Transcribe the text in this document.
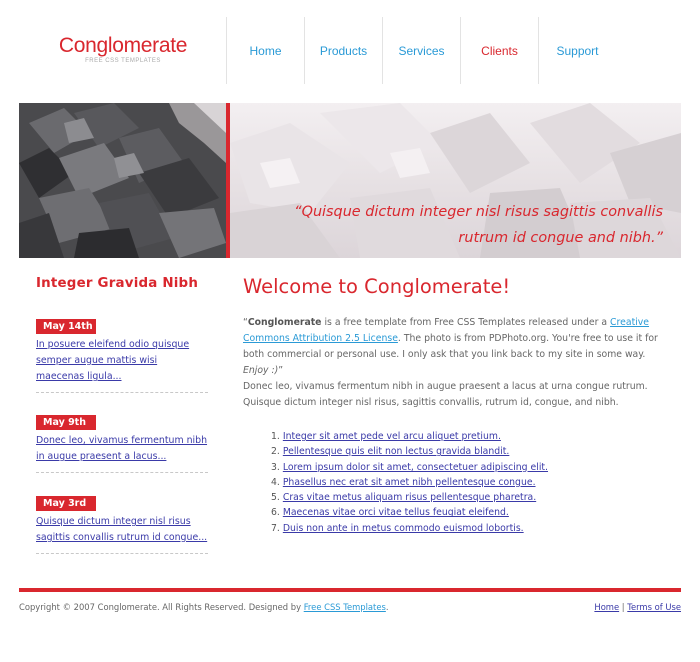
Conglomerate
FREE CSS TEMPLATES
Home	Products	Services	Clients	Support
“Quisque dictum integer nisl risus sagittis convallis rutrum id congue and nibh.”
Integer Gravida Nibh
May 14th
In posuere eleifend odio quisque semper augue mattis wisi maecenas ligula...
May 9th
Donec leo, vivamus fermentum nibh in augue praesent a lacus...
May 3rd
Quisque dictum integer nisl risus sagittis convallis rutrum id congue...
Welcome to Conglomerate!

“Conglomerate is a free template from Free CSS Templates released under a Creative Commons Attribution 2.5 License. The photo is from PDPhoto.org. You're free to use it for both commercial or personal use. I only ask that you link back to my site in some way. Enjoy :)”

Donec leo, vivamus fermentum nibh in augue praesent a lacus at urna congue rutrum. Quisque dictum integer nisl risus, sagittis convallis, rutrum id, congue, and nibh.

1. Integer sit amet pede vel arcu aliquet pretium.
2. Pellentesque quis elit non lectus gravida blandit.
3. Lorem ipsum dolor sit amet, consectetuer adipiscing elit.
4. Phasellus nec erat sit amet nibh pellentesque congue.
5. Cras vitae metus aliquam risus pellentesque pharetra.
6. Maecenas vitae orci vitae tellus feugiat eleifend.
7. Duis non ante in metus commodo euismod lobortis.
Copyright © 2007 Conglomerate. All Rights Reserved. Designed by Free CSS Templates.	Home | Terms of Use
